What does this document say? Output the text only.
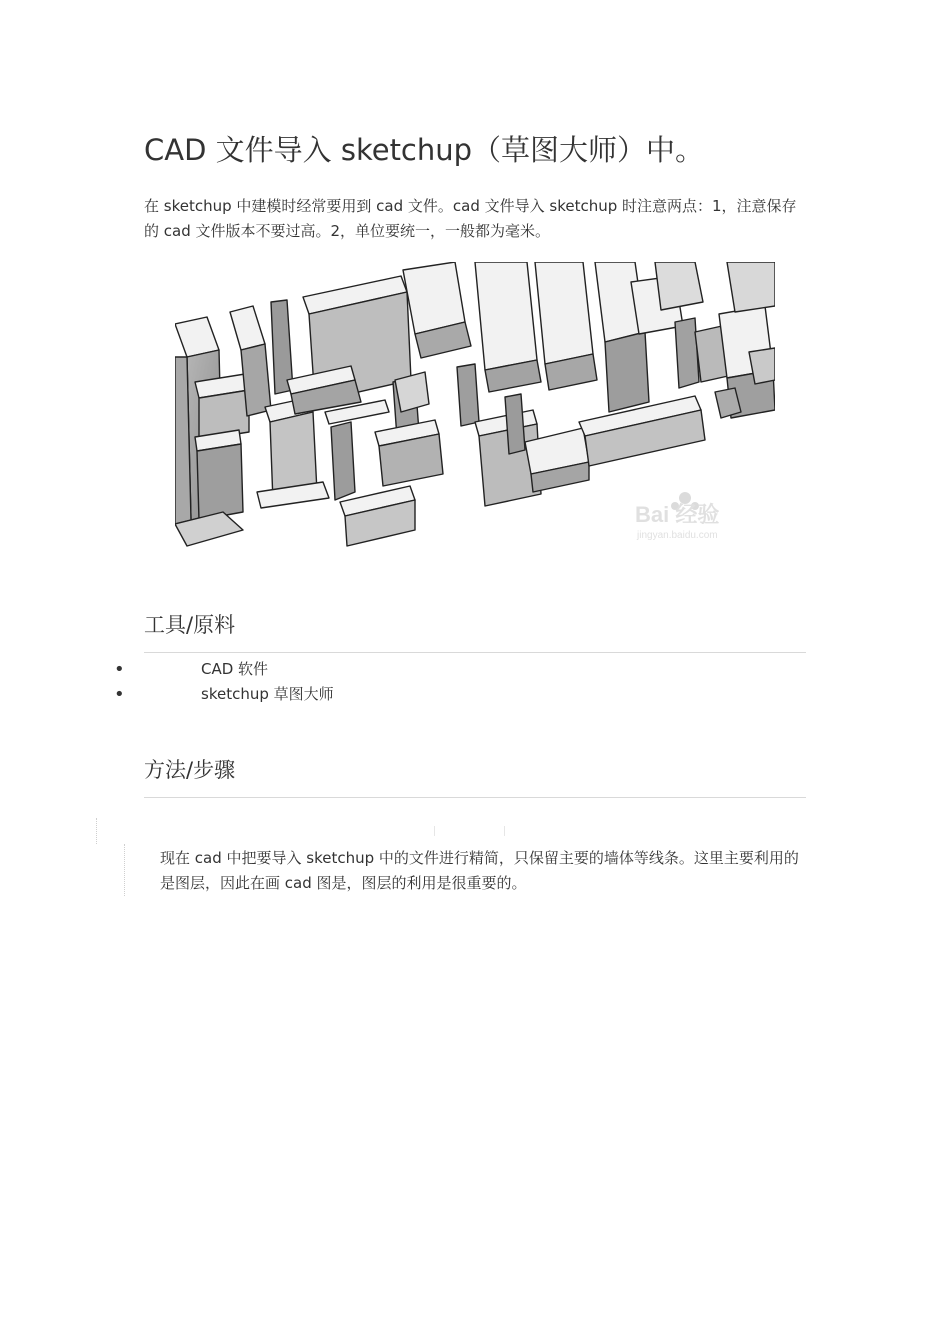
CAD 文件导入 sketchup（草图大师）中。

在 sketchup 中建模时经常要用到 cad 文件。cad 文件导入 sketchup 时注意两点：1，注意保存的 cad 文件版本不要过高。2，单位要统一，一般都为毫米。

Bai 经验
jingyan.baidu.com
工具/原料
•	CAD 软件
•	sketchup 草图大师
方法/步骤

现在 cad 中把要导入 sketchup 中的文件进行精简，只保留主要的墙体等线条。这里主要利用的是图层，因此在画 cad 图是，图层的利用是很重要的。
